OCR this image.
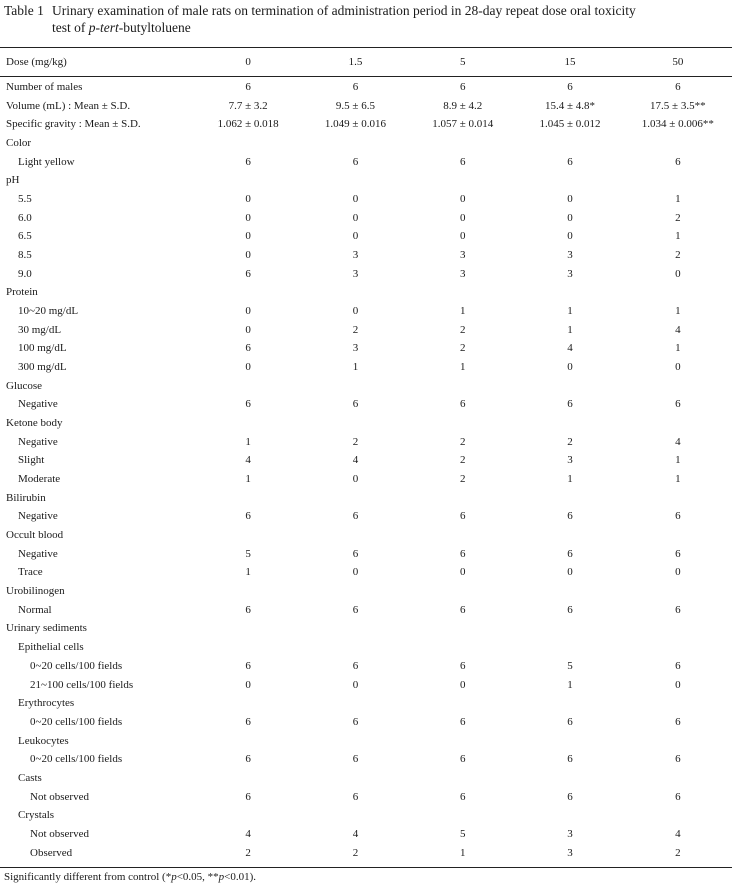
Table 1 Urinary examination of male rats on termination of administration period in 28-day repeat dose oral toxicity
test of p-tert-butyltoluene
Dose (mg/kg)	0	1.5	5	15	50

Number of males	6	6	6	6	6
Volume (mL) : Mean ± S.D.	7.7 ± 3.2	9.5 ± 6.5	8.9 ± 4.2	15.4 ± 4.8*	17.5 ± 3.5**
Specific gravity : Mean ± S.D.	1.062 ± 0.018	1.049 ± 0.016	1.057 ± 0.014	1.045 ± 0.012	1.034 ± 0.006**
Color					
Light yellow	6	6	6	6	6
pH					
5.5	0	0	0	0	1
6.0	0	0	0	0	2
6.5	0	0	0	0	1
8.5	0	3	3	3	2
9.0	6	3	3	3	0
Protein					
10~20 mg/dL	0	0	1	1	1
30 mg/dL	0	2	2	1	4
100 mg/dL	6	3	2	4	1
300 mg/dL	0	1	1	0	0
Glucose					
Negative	6	6	6	6	6
Ketone body					
Negative	1	2	2	2	4
Slight	4	4	2	3	1
Moderate	1	0	2	1	1
Bilirubin					
Negative	6	6	6	6	6
Occult blood					
Negative	5	6	6	6	6
Trace	1	0	0	0	0
Urobilinogen					
Normal	6	6	6	6	6
Urinary sediments					
Epithelial cells					
0~20 cells/100 fields	6	6	6	5	6
21~100 cells/100 fields	0	0	0	1	0
Erythrocytes					
0~20 cells/100 fields	6	6	6	6	6
Leukocytes					
0~20 cells/100 fields	6	6	6	6	6
Casts					
Not observed	6	6	6	6	6
Crystals					
Not observed	4	4	5	3	4
Observed	2	2	1	3	2
Significantly different from control (*p<0.05, **p<0.01).
